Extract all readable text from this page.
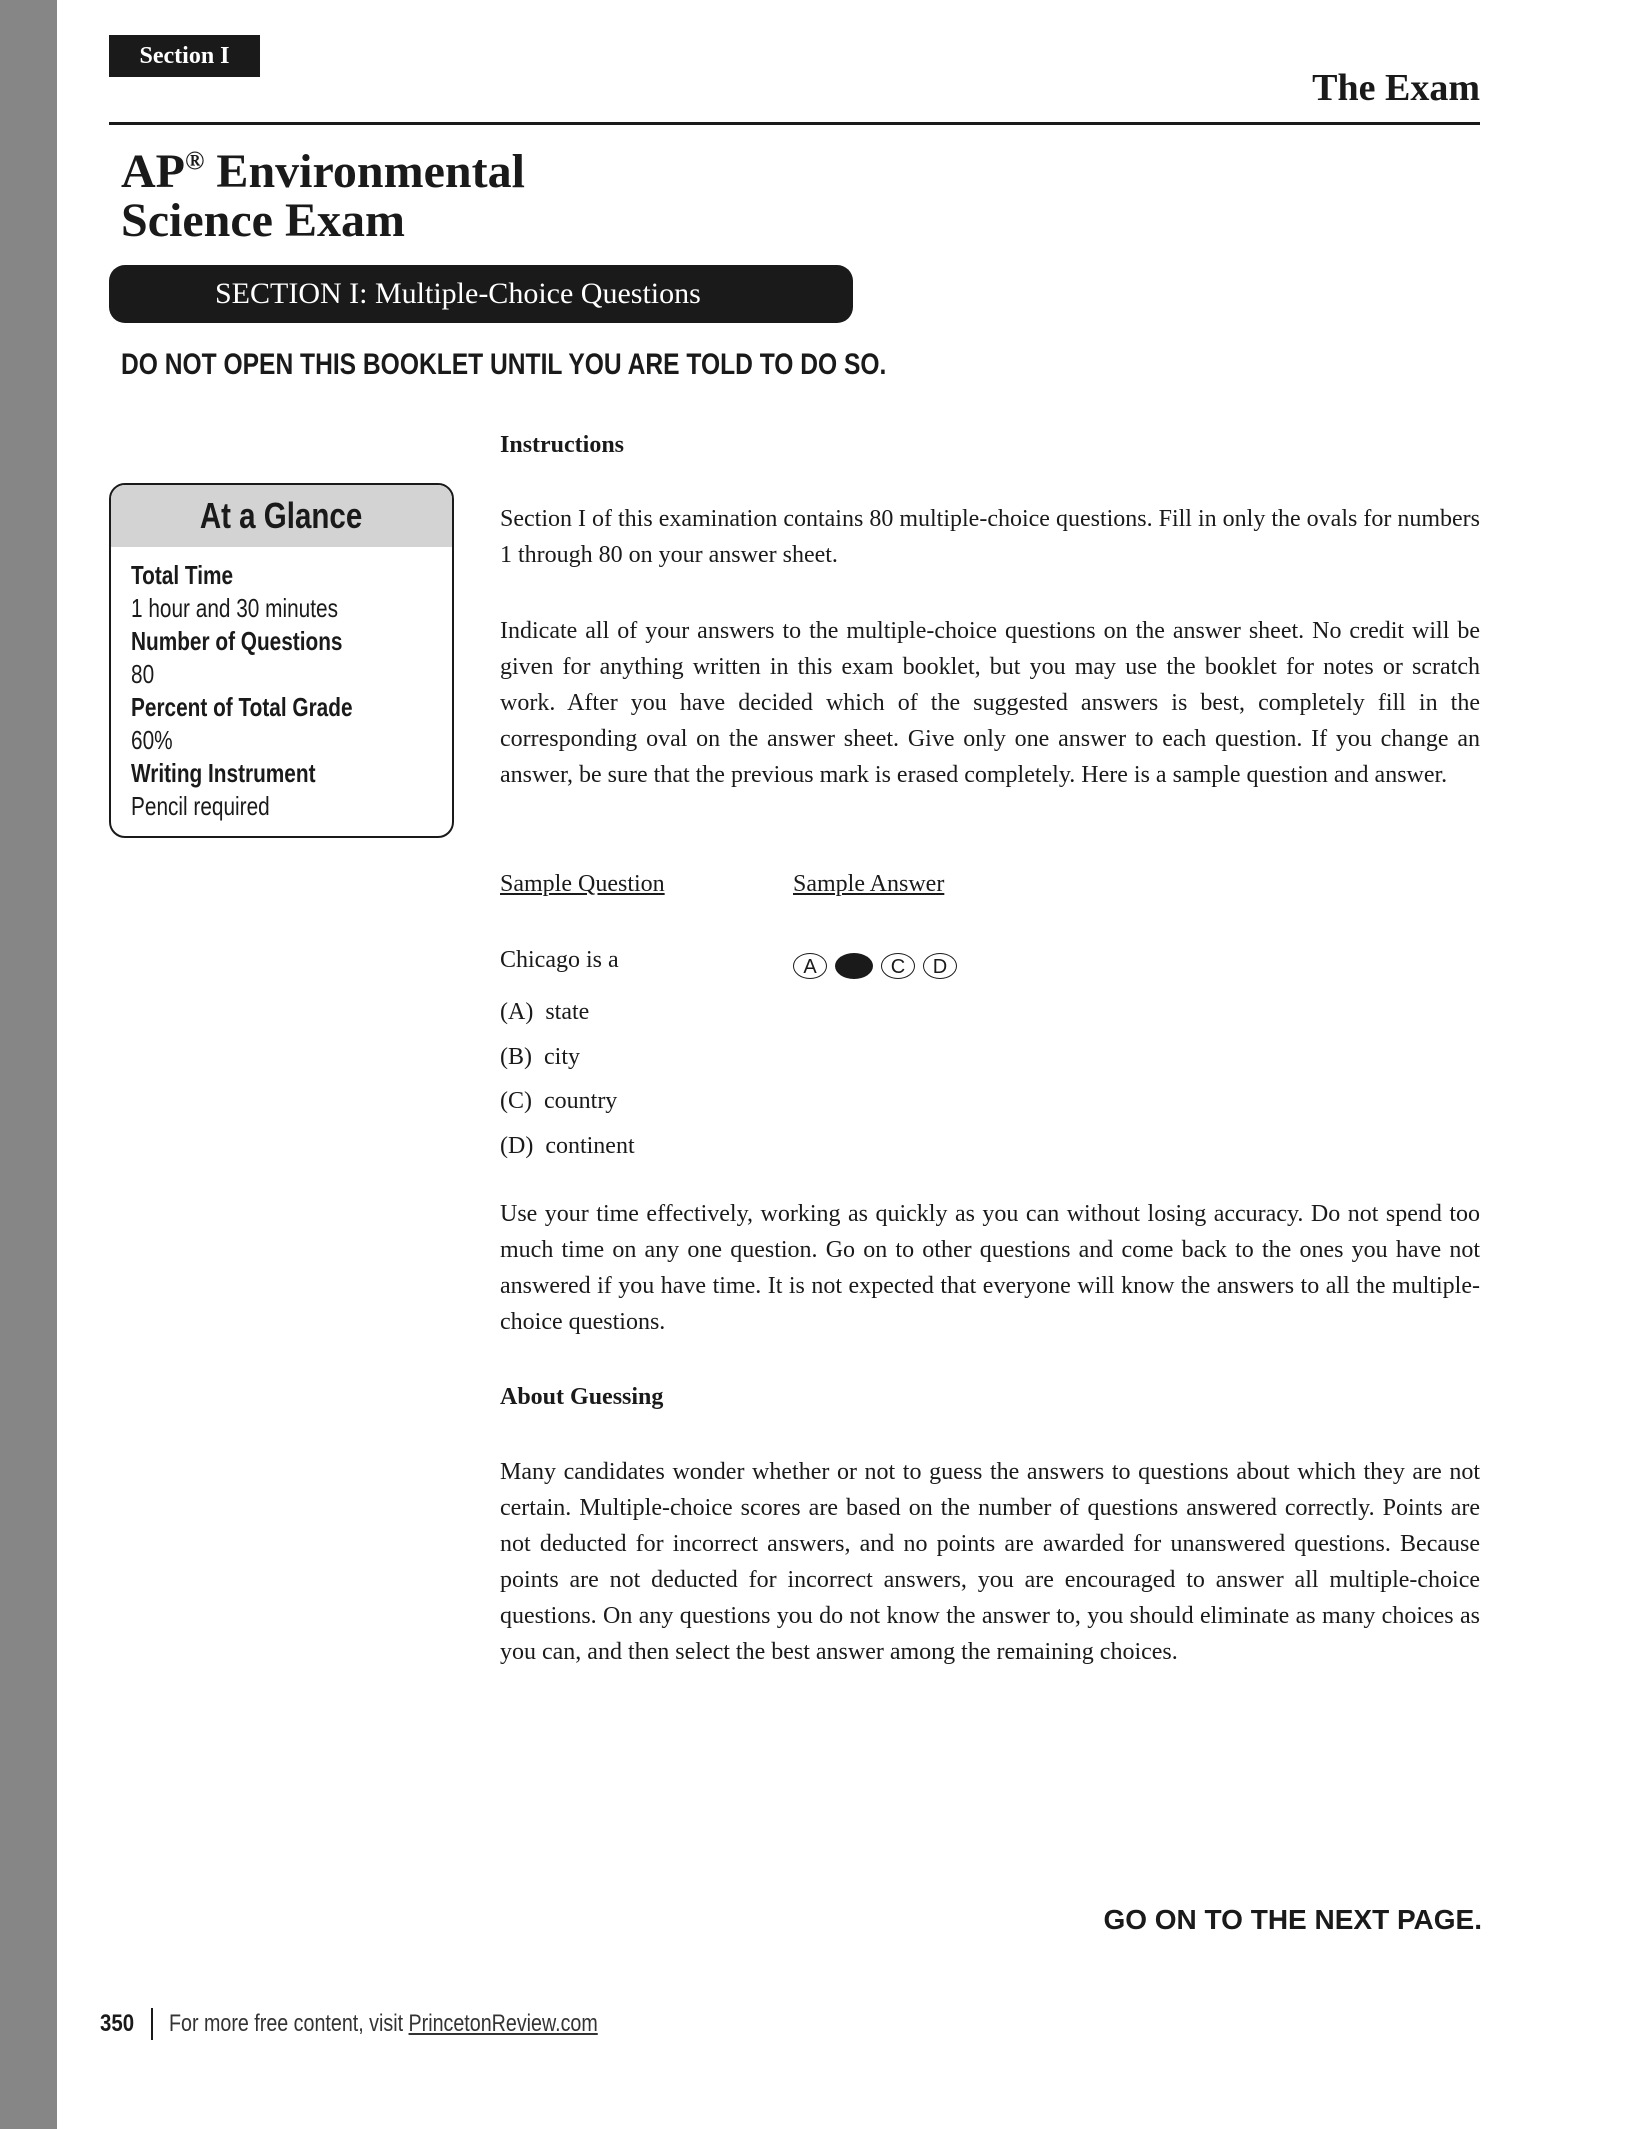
Section I
The Exam
AP® Environmental
Science Exam
SECTION I: Multiple-Choice Questions
DO NOT OPEN THIS BOOKLET UNTIL YOU ARE TOLD TO DO SO.
At a Glance
Total Time
1 hour and 30 minutes
Number of Questions
80
Percent of Total Grade
60%
Writing Instrument
Pencil required
Instructions
Section I of this examination contains 80 multiple-choice questions. Fill in only the ovals for numbers 1 through 80 on your answer sheet.
Indicate all of your answers to the multiple-choice questions on the answer sheet. No credit will be given for anything written in this exam booklet, but you may use the booklet for notes or scratch work. After you have decided which of the suggested answers is best, completely fill in the corresponding oval on the answer sheet. Give only one answer to each question. If you change an answer, be sure that the previous mark is erased completely. Here is a sample question and answer.
Sample Question	Sample Answer
Chicago is a	A	C	D
(A)  state
(B)  city
(C)  country
(D)  continent
Use your time effectively, working as quickly as you can without losing accuracy. Do not spend too much time on any one question. Go on to other questions and come back to the ones you have not answered if you have time. It is not expected that everyone will know the answers to all the multiple-choice questions.
About Guessing
Many candidates wonder whether or not to guess the answers to questions about which they are not certain. Multiple-choice scores are based on the number of questions answered correctly. Points are not deducted for incorrect answers, and no points are awarded for unanswered questions. Because points are not deducted for incorrect answers, you are encouraged to answer all multiple-choice questions. On any questions you do not know the answer to, you should eliminate as many choices as you can, and then select the best answer among the remaining choices.
GO ON TO THE NEXT PAGE.
350 For more free content, visit PrincetonReview.com
